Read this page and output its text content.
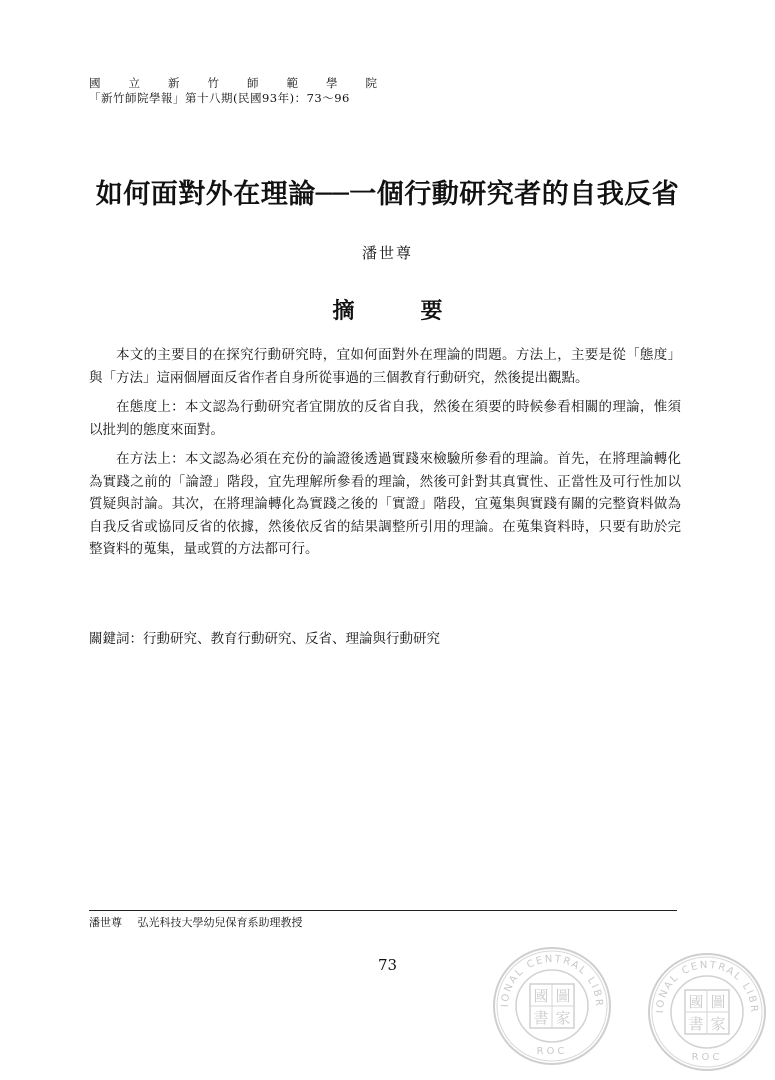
國立新竹師範學院
「新竹師院學報」第十八期(民國93年)：73～96
如何面對外在理論──一個行動研究者的自我反省
潘世尊
摘　要

本文的主要目的在探究行動研究時，宜如何面對外在理論的問題。方法上，主要是從「態度」與「方法」這兩個層面反省作者自身所從事過的三個教育行動研究，然後提出觀點。

在態度上：本文認為行動研究者宜開放的反省自我，然後在須要的時候參看相關的理論，惟須以批判的態度來面對。

在方法上：本文認為必須在充份的論證後透過實踐來檢驗所參看的理論。首先，在將理論轉化為實踐之前的「論證」階段，宜先理解所參看的理論，然後可針對其真實性、正當性及可行性加以質疑與討論。其次，在將理論轉化為實踐之後的「實證」階段，宜蒐集與實踐有關的完整資料做為自我反省或協同反省的依據，然後依反省的結果調整所引用的理論。在蒐集資料時，只要有助於完整資料的蒐集，量或質的方法都可行。

關鍵詞：行動研究、教育行動研究、反省、理論與行動研究
潘世尊 弘光科技大學幼兒保育系助理教授
73
IONAL CENTRAL LIBR
ROC
國 圖
書 家	IONAL CENTRAL LIBR
ROC
國 圖
書 家
